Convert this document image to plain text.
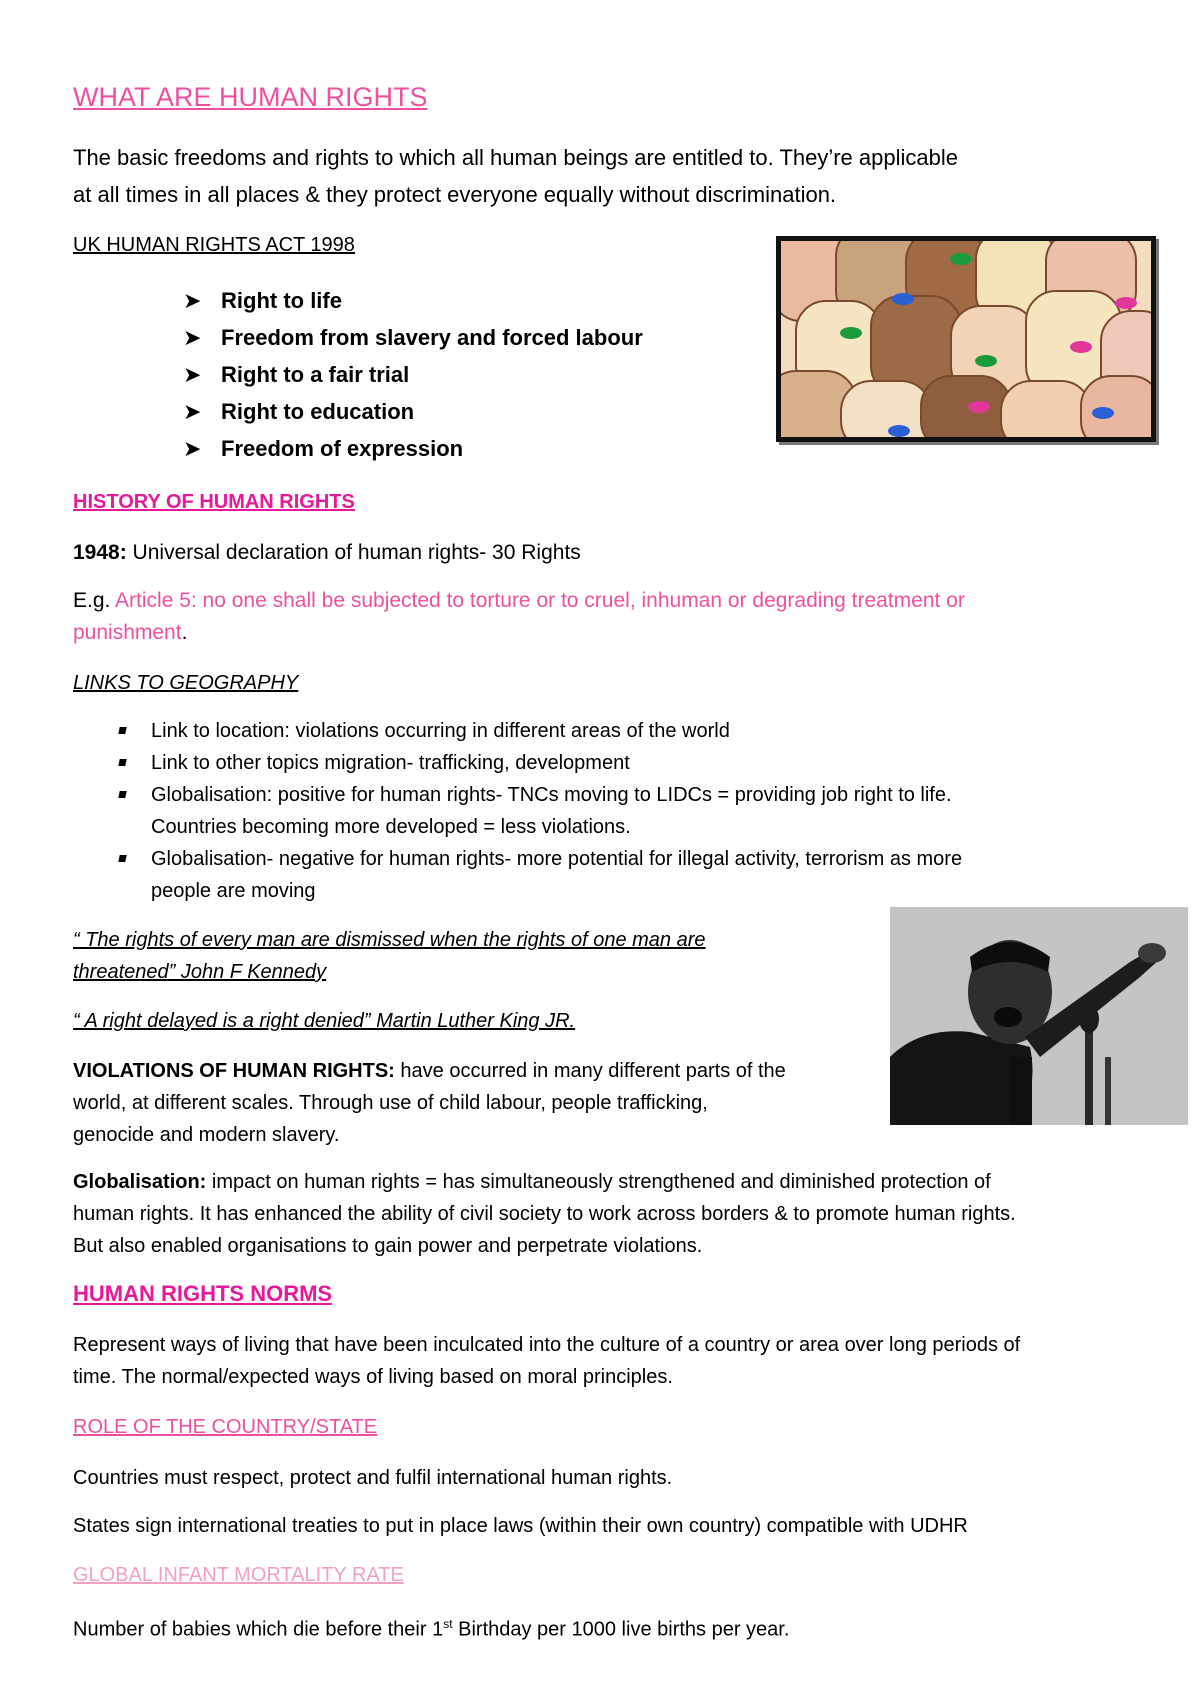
WHAT ARE HUMAN RIGHTS
The basic freedoms and rights to which all human beings are entitled to. They’re applicable
at all times in all places & they protect everyone equally without discrimination.
UK HUMAN RIGHTS ACT 1998
➤ Right to life
➤ Freedom from slavery and forced labour
➤ Right to a fair trial
➤ Right to education
➤ Freedom of expression
HISTORY OF HUMAN RIGHTS
1948: Universal declaration of human rights- 30 Rights
E.g. Article 5: no one shall be subjected to torture or to cruel, inhuman or degrading treatment or
punishment.
LINKS TO GEOGRAPHY
Link to location: violations occurring in different areas of the world
Link to other topics migration- trafficking, development
Globalisation: positive for human rights- TNCs moving to LIDCs = providing job right to life.
Countries becoming more developed = less violations.
Globalisation- negative for human rights- more potential for illegal activity, terrorism as more
people are moving
“ The rights of every man are dismissed when the rights of one man are
threatened” John F Kennedy
“ A right delayed is a right denied” Martin Luther King JR.
VIOLATIONS OF HUMAN RIGHTS: have occurred in many different parts of the
world, at different scales. Through use of child labour, people trafficking,
genocide and modern slavery.
Globalisation: impact on human rights = has simultaneously strengthened and diminished protection of
human rights. It has enhanced the ability of civil society to work across borders & to promote human rights.
But also enabled organisations to gain power and perpetrate violations.
HUMAN RIGHTS NORMS
Represent ways of living that have been inculcated into the culture of a country or area over long periods of
time. The normal/expected ways of living based on moral principles.
ROLE OF THE COUNTRY/STATE
Countries must respect, protect and fulfil international human rights.
States sign international treaties to put in place laws (within their own country) compatible with UDHR
GLOBAL INFANT MORTALITY RATE
Number of babies which die before their 1st Birthday per 1000 live births per year.
